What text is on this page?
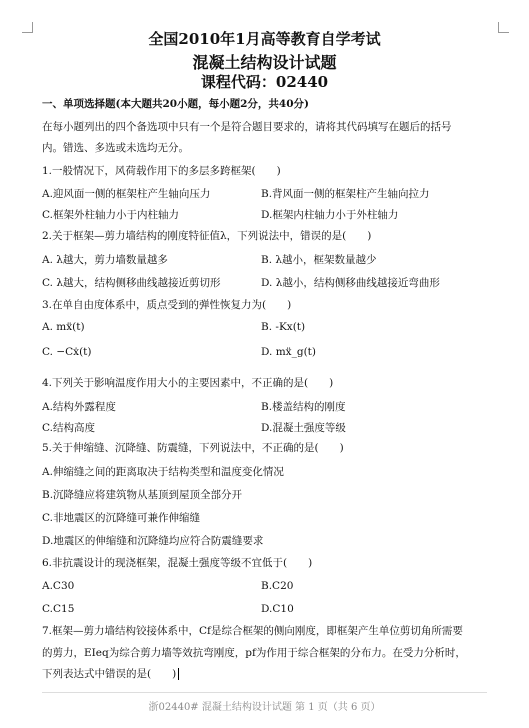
全国2010年1月高等教育自学考试
混凝土结构设计试题
课程代码：02440
一、单项选择题(本大题共20小题，每小题2分，共40分)
在每小题列出的四个备选项中只有一个是符合题目要求的，请将其代码填写在题后的括号
内。错选、多选或未选均无分。
1.一般情况下，风荷载作用下的多层多跨框架(　　)
A.迎风面一侧的框架柱产生轴向压力	B.背风面一侧的框架柱产生轴向拉力
C.框架外柱轴力小于内柱轴力	D.框架内柱轴力小于外柱轴力
2.关于框架—剪力墙结构的刚度特征值λ，下列说法中，错误的是(　　)
A. λ越大，剪力墙数量越多	B. λ越小，框架数量越少
C. λ越大，结构侧移曲线越接近剪切形	D. λ越小，结构侧移曲线越接近弯曲形
3.在单自由度体系中，质点受到的弹性恢复力为(　　)
A. mẍ(t)	B. -Kx(t)
C. −Cẋ(t)	D. mẍ_g(t)
4.下列关于影响温度作用大小的主要因素中，不正确的是(　　)
A.结构外露程度	B.楼盖结构的刚度
C.结构高度	D.混凝土强度等级
5.关于伸缩缝、沉降缝、防震缝，下列说法中，不正确的是(　　)
A.伸缩缝之间的距离取决于结构类型和温度变化情况
B.沉降缝应将建筑物从基顶到屋顶全部分开
C.非地震区的沉降缝可兼作伸缩缝
D.地震区的伸缩缝和沉降缝均应符合防震缝要求
6.非抗震设计的现浇框架，混凝土强度等级不宜低于(　　)
A.C30	B.C20
C.C15	D.C10
7.框架—剪力墙结构铰接体系中，Cf是综合框架的侧向刚度，即框架产生单位剪切角所需要
的剪力，EIeq为综合剪力墙等效抗弯刚度，pf为作用于综合框架的分布力。在受力分析时，
下列表达式中错误的是(　　)
浙02440# 混凝土结构设计试题 第 1 页（共 6 页）
